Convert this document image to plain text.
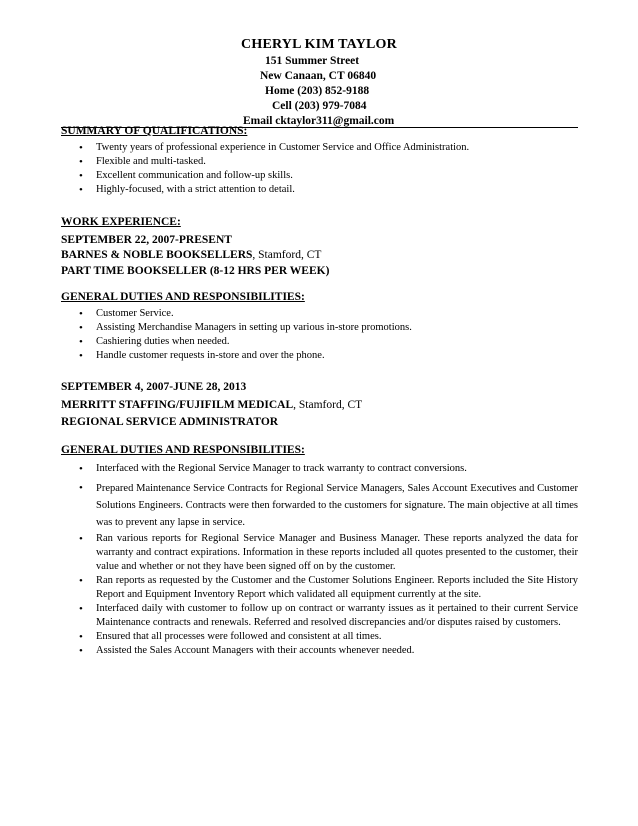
CHERYL KIM TAYLOR
151 Summer Street
New Canaan, CT 06840
Home (203) 852-9188
Cell (203) 979-7084
Email cktaylor311@gmail.com
SUMMARY OF QUALIFICATIONS:
• Twenty years of professional experience in Customer Service and Office Administration.
• Flexible and multi-tasked.
• Excellent communication and follow-up skills.
• Highly-focused, with a strict attention to detail.
WORK EXPERIENCE:
SEPTEMBER 22, 2007-PRESENT
BARNES & NOBLE BOOKSELLERS, Stamford, CT
PART TIME BOOKSELLER (8-12 HRS PER WEEK)
GENERAL DUTIES AND RESPONSIBILITIES:
• Customer Service.
• Assisting Merchandise Managers in setting up various in-store promotions.
• Cashiering duties when needed.
• Handle customer requests in-store and over the phone.
SEPTEMBER 4, 2007-JUNE 28, 2013
MERRITT STAFFING/FUJIFILM MEDICAL, Stamford, CT
REGIONAL SERVICE ADMINISTRATOR
GENERAL DUTIES AND RESPONSIBILITIES:
• Interfaced with the Regional Service Manager to track warranty to contract conversions.
• Prepared Maintenance Service Contracts for Regional Service Managers, Sales Account Executives and Customer Solutions Engineers. Contracts were then forwarded to the customers for signature. The main objective at all times was to prevent any lapse in service.
• Ran various reports for Regional Service Manager and Business Manager. These reports analyzed the data for warranty and contract expirations. Information in these reports included all quotes presented to the customer, their value and whether or not they have been signed off on by the customer.
• Ran reports as requested by the Customer and the Customer Solutions Engineer. Reports included the Site History Report and Equipment Inventory Report which validated all equipment currently at the site.
• Interfaced daily with customer to follow up on contract or warranty issues as it pertained to their current Service Maintenance contracts and renewals. Referred and resolved discrepancies and/or disputes raised by customers.
• Ensured that all processes were followed and consistent at all times.
• Assisted the Sales Account Managers with their accounts whenever needed.
